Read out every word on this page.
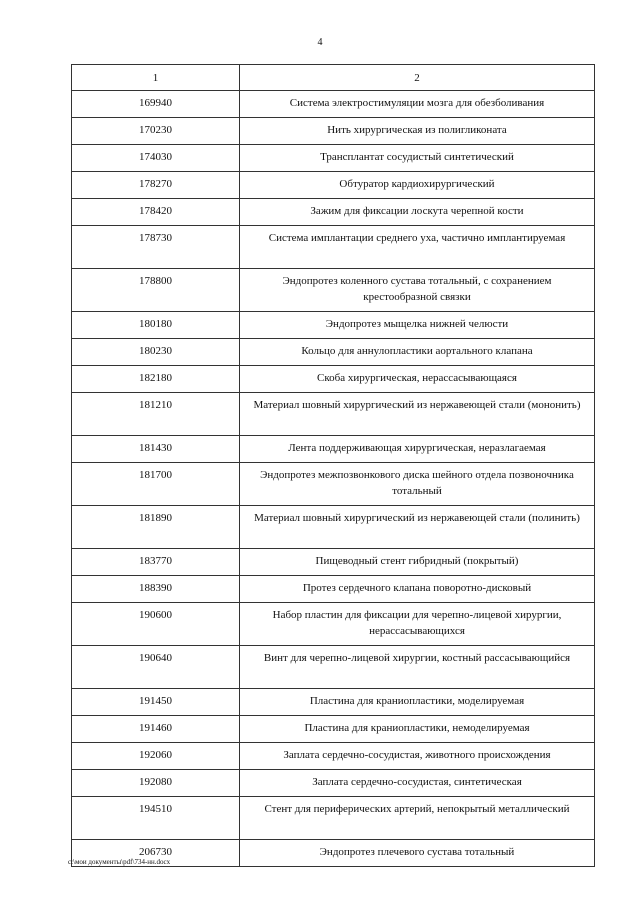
4
1	2
169940	Система электростимуляции мозга для обезболивания
170230	Нить хирургическая из полигликоната
174030	Трансплантат сосудистый синтетический
178270	Обтуратор кардиохирургический
178420	Зажим для фиксации лоскута черепной кости
178730	Система имплантации среднего уха, частично имплантируемая
178800	Эндопротез коленного сустава тотальный, с сохранением крестообразной связки
180180	Эндопротез мыщелка нижней челюсти
180230	Кольцо для аннулопластики аортального клапана
182180	Скоба хирургическая, нерассасывающаяся
181210	Материал шовный хирургический из нержавеющей стали (мононить)
181430	Лента поддерживающая хирургическая, неразлагаемая
181700	Эндопротез межпозвонкового диска шейного отдела позвоночника тотальный
181890	Материал шовный хирургический из нержавеющей стали (полинить)
183770	Пищеводный стент гибридный (покрытый)
188390	Протез сердечного клапана поворотно-дисковый
190600	Набор пластин для фиксации для черепно-лицевой хирургии, нерассасывающихся
190640	Винт для черепно-лицевой хирургии, костный рассасывающийся
191450	Пластина для краниопластики, моделируемая
191460	Пластина для краниопластики, немоделируемая
192060	Заплата сердечно-сосудистая, животного происхождения
192080	Заплата сердечно-сосудистая, синтетическая
194510	Стент для периферических артерий, непокрытый металлический
206730	Эндопротез плечевого сустава тотальный
c:\мои документы\pdf\734-нн.docx
